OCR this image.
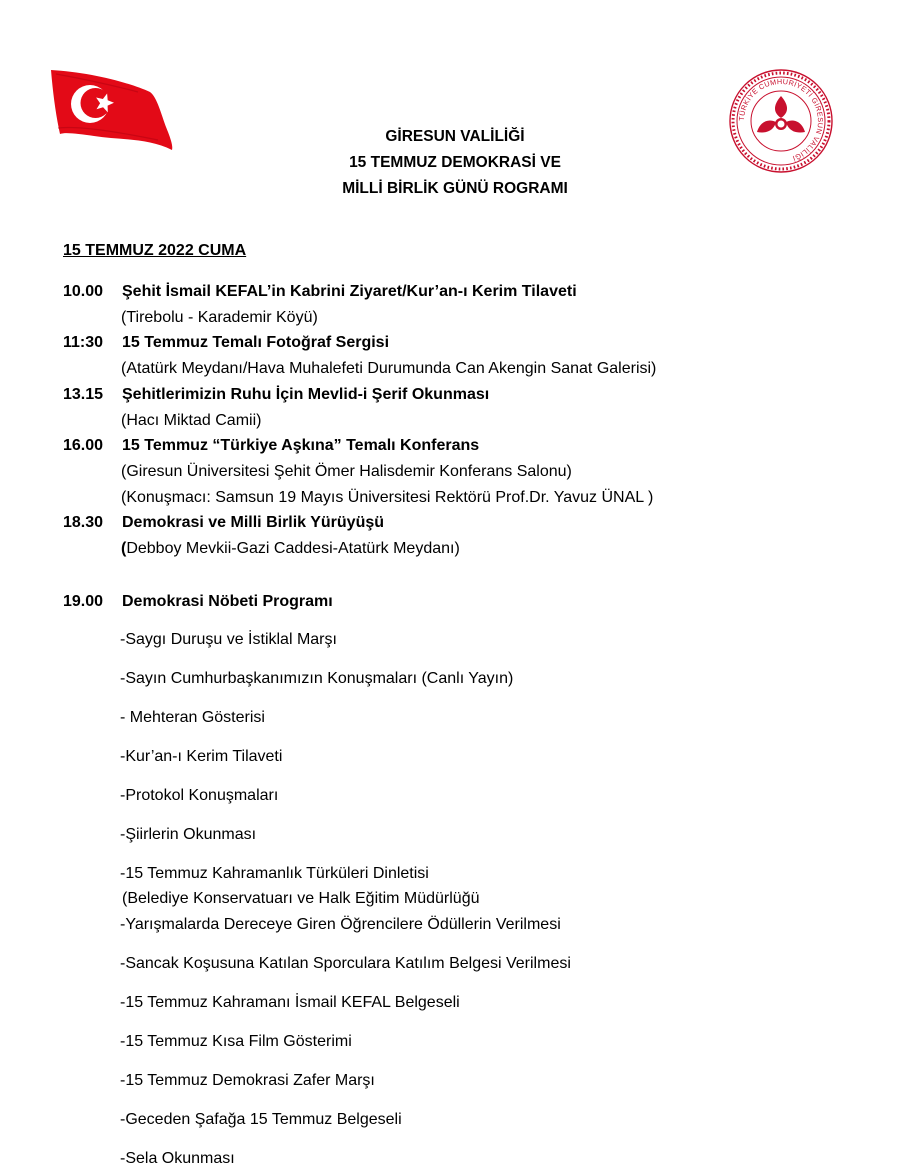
TÜRKİYE CUMHURİYETİ GİRESUN VALİLİĞİ
GİRESUN VALİLİĞİ
15 TEMMUZ DEMOKRASİ VE
MİLLİ BİRLİK GÜNÜ ROGRAMI
15 TEMMUZ 2022 CUMA
10.00 Şehit İsmail KEFAL’in Kabrini Ziyaret/Kur’an-ı Kerim Tilaveti
(Tirebolu - Karademir Köyü)
11:30 15 Temmuz Temalı Fotoğraf Sergisi
(Atatürk Meydanı/Hava Muhalefeti Durumunda Can Akengin Sanat Galerisi)
13.15 Şehitlerimizin Ruhu İçin Mevlid-i Şerif Okunması
(Hacı Miktad Camii)
16.00 15 Temmuz “Türkiye Aşkına” Temalı Konferans
(Giresun Üniversitesi Şehit Ömer Halisdemir Konferans Salonu)
(Konuşmacı: Samsun 19 Mayıs Üniversitesi Rektörü Prof.Dr. Yavuz ÜNAL )
18.30 Demokrasi ve Milli Birlik Yürüyüşü
(Debboy Mevkii-Gazi Caddesi-Atatürk Meydanı)
19.00 Demokrasi Nöbeti Programı
-Saygı Duruşu ve İstiklal Marşı
-Sayın Cumhurbaşkanımızın Konuşmaları (Canlı Yayın)
- Mehteran Gösterisi
-Kur’an-ı Kerim Tilaveti
-Protokol Konuşmaları
-Şiirlerin Okunması
-15 Temmuz Kahramanlık Türküleri Dinletisi
(Belediye Konservatuarı ve Halk Eğitim Müdürlüğü
-Yarışmalarda Dereceye Giren Öğrencilere Ödüllerin Verilmesi
-Sancak Koşusuna Katılan Sporculara Katılım Belgesi Verilmesi
-15 Temmuz Kahramanı İsmail KEFAL Belgeseli
-15 Temmuz Kısa Film Gösterimi
-15 Temmuz Demokrasi Zafer Marşı
-Geceden Şafağa 15 Temmuz Belgeseli
-Sela Okunması
